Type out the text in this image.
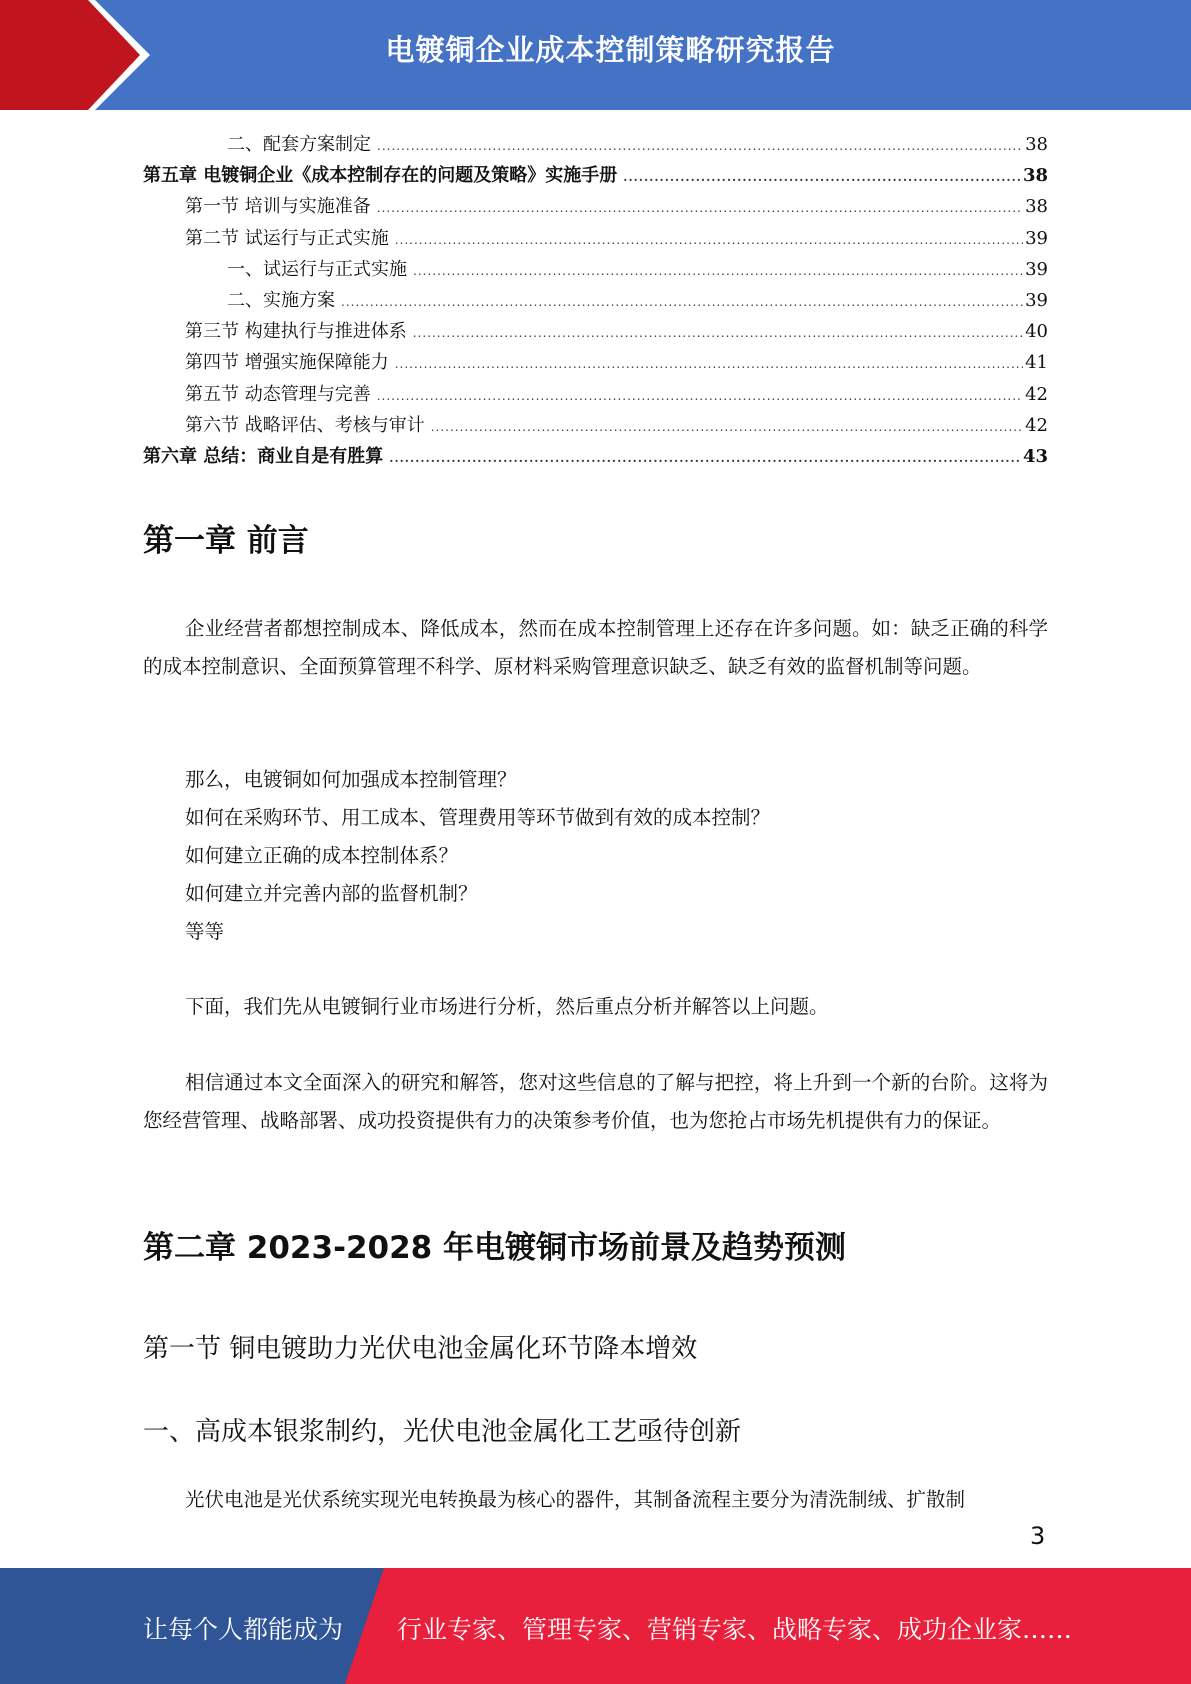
电镀铜企业成本控制策略研究报告
二、配套方案制定 .....	38
第五章 电镀铜企业《成本控制存在的问题及策略》实施手册 .....	38
第一节 培训与实施准备 .....	38
第二节 试运行与正式实施 .....	39
一、试运行与正式实施 .....	39
二、实施方案 .....	39
第三节 构建执行与推进体系 .....	40
第四节 增强实施保障能力 .....	41
第五节 动态管理与完善 .....	42
第六节 战略评估、考核与审计 .....	42
第六章 总结：商业自是有胜算 .....	43
第一章 前言

企业经营者都想控制成本、降低成本，然而在成本控制管理上还存在许多问题。如：缺乏正确的科学的成本控制意识、全面预算管理不科学、原材料采购管理意识缺乏、缺乏有效的监督机制等问题。

那么，电镀铜如何加强成本控制管理？

如何在采购环节、用工成本、管理费用等环节做到有效的成本控制？

如何建立正确的成本控制体系？

如何建立并完善内部的监督机制？

等等

下面，我们先从电镀铜行业市场进行分析，然后重点分析并解答以上问题。

相信通过本文全面深入的研究和解答，您对这些信息的了解与把控，将上升到一个新的台阶。这将为您经营管理、战略部署、成功投资提供有力的决策参考价值，也为您抢占市场先机提供有力的保证。

第二章 2023-2028 年电镀铜市场前景及趋势预测
第一节 铜电镀助力光伏电池金属化环节降本增效
一、高成本银浆制约，光伏电池金属化工艺亟待创新

光伏电池是光伏系统实现光电转换最为核心的器件，其制备流程主要分为清洗制绒、扩散制

3
让每个人都能成为 行业专家、管理专家、营销专家、战略专家、成功企业家……
